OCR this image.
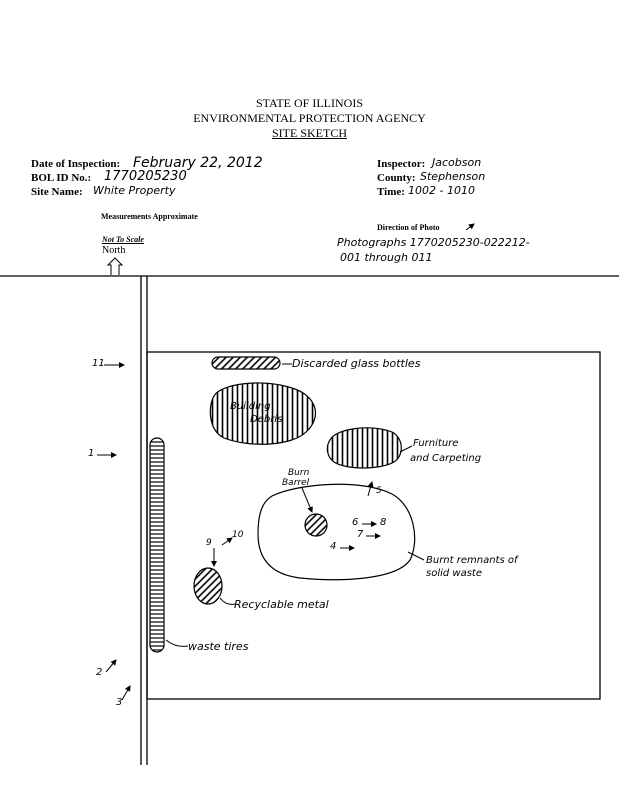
STATE OF ILLINOIS
ENVIRONMENTAL PROTECTION AGENCY
SITE SKETCH
Date of Inspection: February 22, 2012
BOL ID No.: 1770205230
Site Name: White Property
Inspector: Jacobson
County: Stephenson
Time: 1002 - 1010
Measurements Approximate
Not To Scale
North
Direction of Photo
Photographs 1770205230-022212-
001 through 011
Discarded glass bottles
Building
Debris
Furniture
and Carpeting
Burn
Barrel
Burnt remnants of
solid waste
Recyclable metal
waste tires
11
1
2
3
4
5
6
7
8
9
10
